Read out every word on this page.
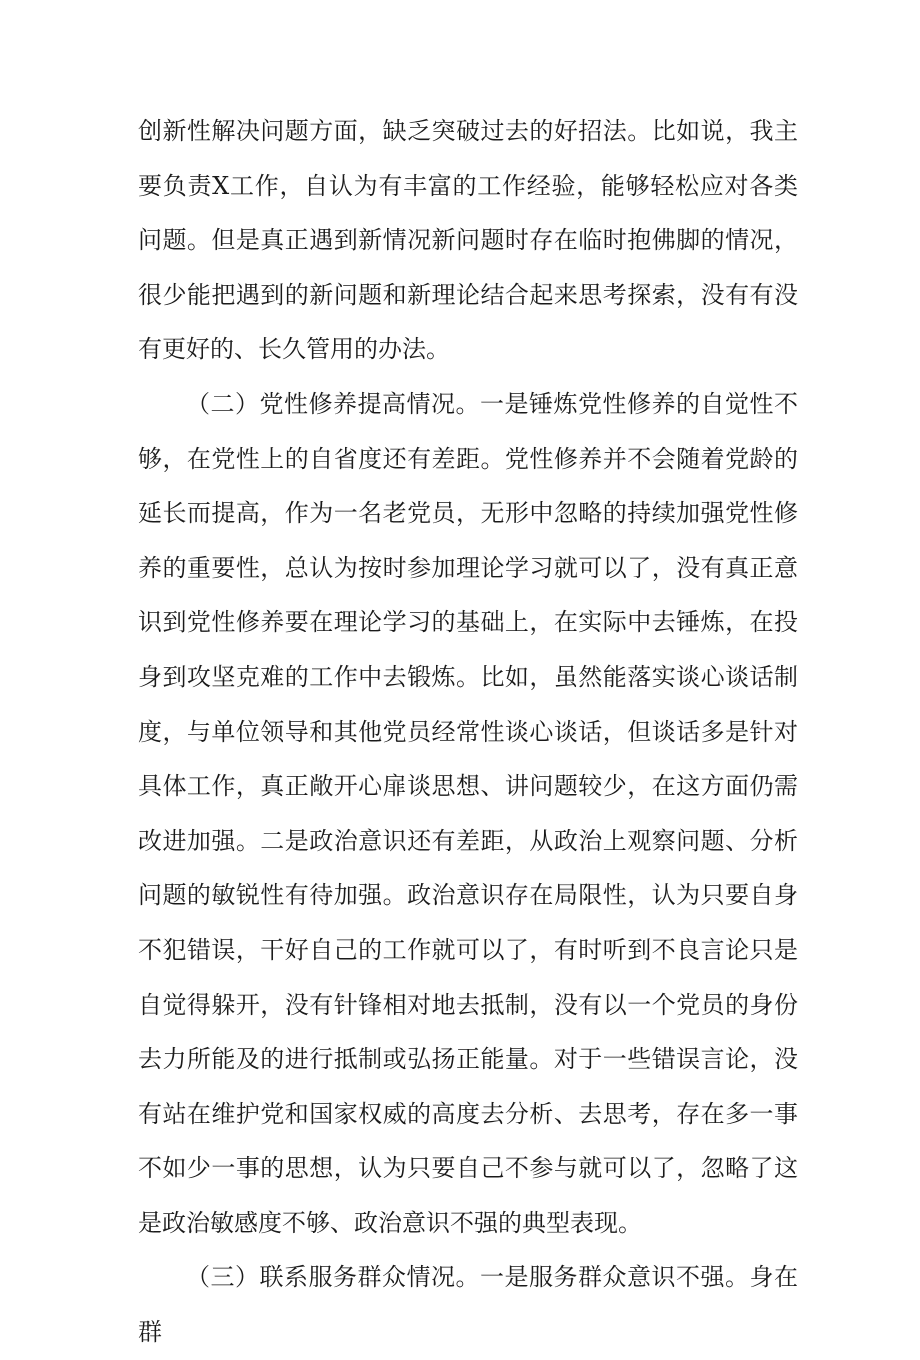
创新性解决问题方面，缺乏突破过去的好招法。比如说，我主要负责X工作，自认为有丰富的工作经验，能够轻松应对各类问题。但是真正遇到新情况新问题时存在临时抱佛脚的情况，很少能把遇到的新问题和新理论结合起来思考探索，没有有没有更好的、长久管用的办法。

（二）党性修养提高情况。一是锤炼党性修养的自觉性不够，在党性上的自省度还有差距。党性修养并不会随着党龄的延长而提高，作为一名老党员，无形中忽略的持续加强党性修养的重要性，总认为按时参加理论学习就可以了，没有真正意识到党性修养要在理论学习的基础上，在实际中去锤炼，在投身到攻坚克难的工作中去锻炼。比如，虽然能落实谈心谈话制度，与单位领导和其他党员经常性谈心谈话，但谈话多是针对具体工作，真正敞开心扉谈思想、讲问题较少，在这方面仍需改进加强。二是政治意识还有差距，从政治上观察问题、分析问题的敏锐性有待加强。政治意识存在局限性，认为只要自身不犯错误，干好自己的工作就可以了，有时听到不良言论只是自觉得躲开，没有针锋相对地去抵制，没有以一个党员的身份去力所能及的进行抵制或弘扬正能量。对于一些错误言论，没有站在维护党和国家权威的高度去分析、去思考，存在多一事不如少一事的思想，认为只要自己不参与就可以了，忽略了这是政治敏感度不够、政治意识不强的典型表现。

（三）联系服务群众情况。一是服务群众意识不强。身在群
